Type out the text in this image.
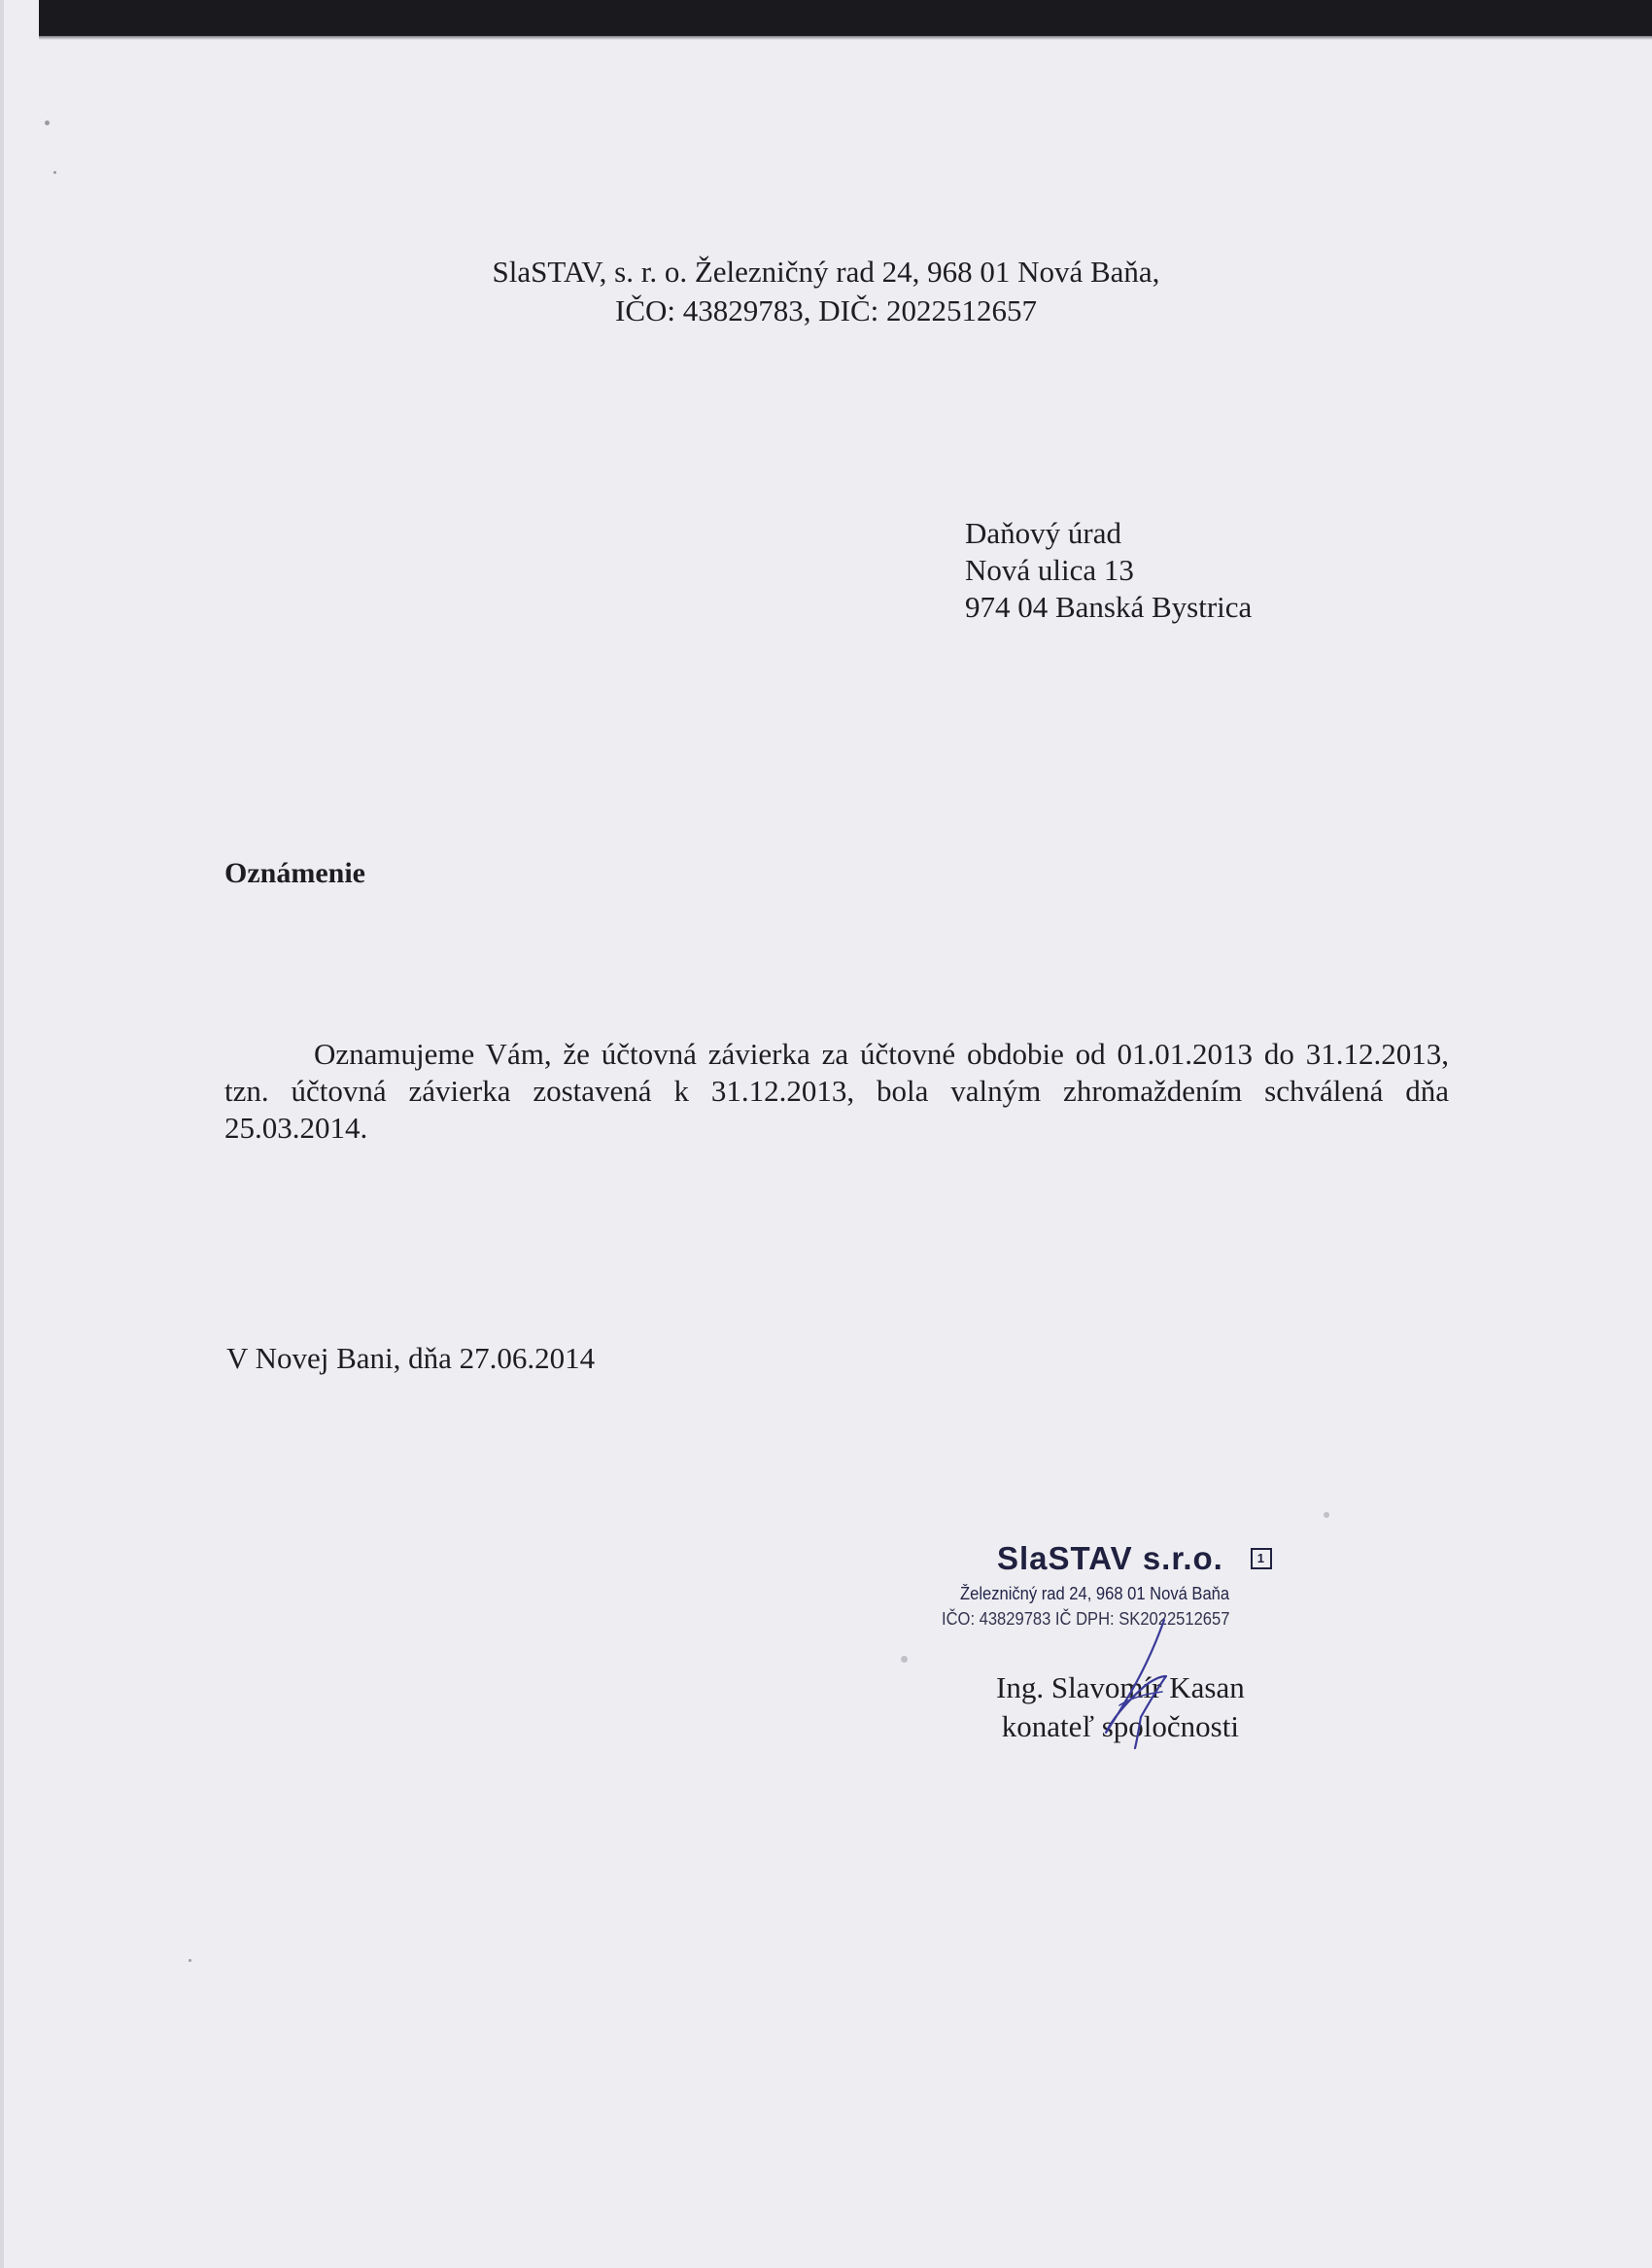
SlaSTAV, s. r. o. Železničný rad 24, 968 01 Nová Baňa,
IČO: 43829783, DIČ: 2022512657
Daňový úrad
Nová ulica 13
974 04 Banská Bystrica
Oznámenie
Oznamujeme Vám, že účtovná závierka za účtovné obdobie od 01.01.2013 do 31.12.2013, tzn. účtovná závierka zostavená k 31.12.2013, bola valným zhromaždením schválená dňa 25.03.2014.
V Novej Bani, dňa 27.06.2014
SlaSTAV s.r.o.	1
Železničný rad 24, 968 01 Nová Baňa
IČO: 43829783 IČ DPH: SK2022512657
Ing. Slavomír Kasan
konateľ spoločnosti
